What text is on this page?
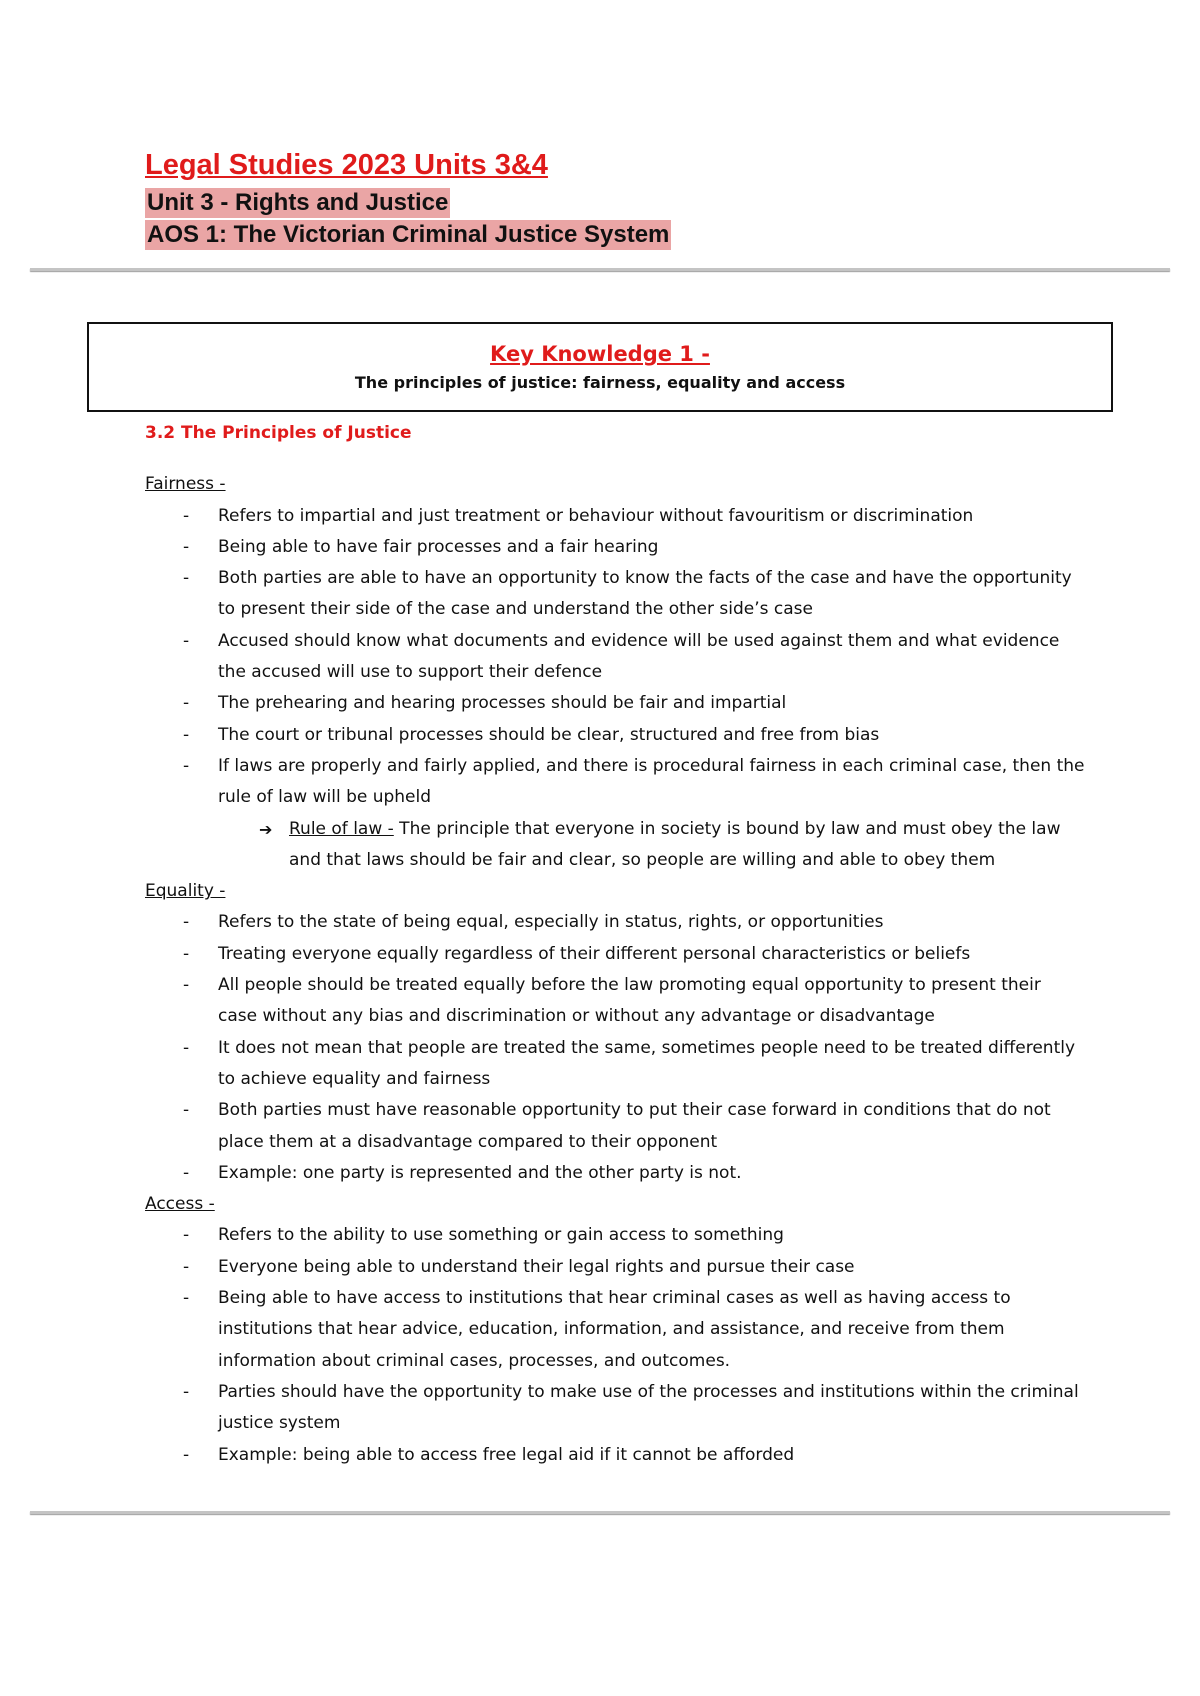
Legal Studies 2023 Units 3&4

Unit 3 - Rights and Justice
AOS 1: The Victorian Criminal Justice System
Key Knowledge 1 -
The principles of justice: fairness, equality and access
3.2 The Principles of Justice
Fairness -
- Refers to impartial and just treatment or behaviour without favouritism or discrimination
- Being able to have fair processes and a fair hearing
- Both parties are able to have an opportunity to know the facts of the case and have the opportunity to present their side of the case and understand the other side’s case
- Accused should know what documents and evidence will be used against them and what evidence the accused will use to support their defence
- The prehearing and hearing processes should be fair and impartial
- The court or tribunal processes should be clear, structured and free from bias
- If laws are properly and fairly applied, and there is procedural fairness in each criminal case, then the rule of law will be upheld
➔ Rule of law - The principle that everyone in society is bound by law and must obey the law and that laws should be fair and clear, so people are willing and able to obey them
Equality -
- Refers to the state of being equal, especially in status, rights, or opportunities
- Treating everyone equally regardless of their different personal characteristics or beliefs
- All people should be treated equally before the law promoting equal opportunity to present their case without any bias and discrimination or without any advantage or disadvantage
- It does not mean that people are treated the same, sometimes people need to be treated differently to achieve equality and fairness
- Both parties must have reasonable opportunity to put their case forward in conditions that do not place them at a disadvantage compared to their opponent
- Example: one party is represented and the other party is not.
Access -
- Refers to the ability to use something or gain access to something
- Everyone being able to understand their legal rights and pursue their case
- Being able to have access to institutions that hear criminal cases as well as having access to institutions that hear advice, education, information, and assistance, and receive from them information about criminal cases, processes, and outcomes.
- Parties should have the opportunity to make use of the processes and institutions within the criminal justice system
- Example: being able to access free legal aid if it cannot be afforded
